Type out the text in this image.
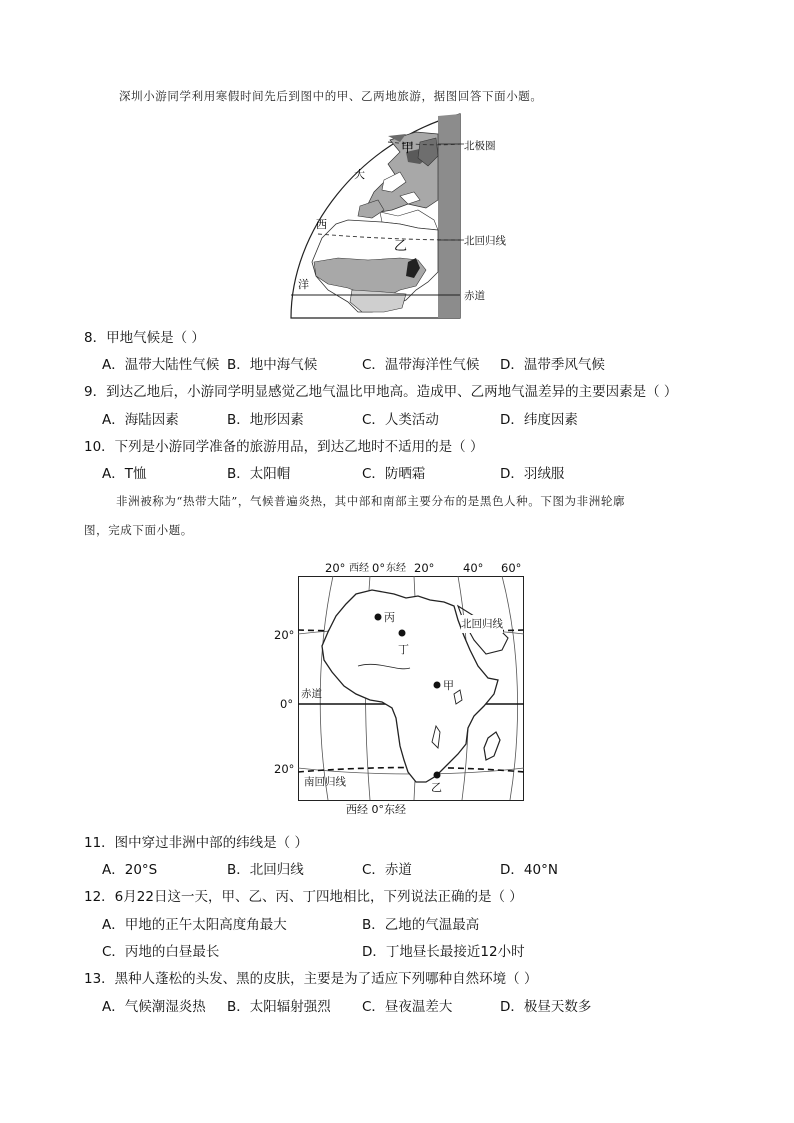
深圳小游同学利用寒假时间先后到图中的甲、乙两地旅游，据图回答下面小题。
甲
大
西
乙
洋
北极圈
北回归线
赤道
8．甲地气候是（ ）
A．温带大陆性气候 B．地中海气候	C．温带海洋性气候 D．温带季风气候
9．到达乙地后，小游同学明显感觉乙地气温比甲地高。造成甲、乙两地气温差异的主要因素是（ ）
A．海陆因素	B．地形因素	C．人类活动	D．纬度因素
10．下列是小游同学准备的旅游用品，到达乙地时不适用的是（ ）
A．T恤	B．太阳帽	C．防晒霜	D．羽绒服
非洲被称为“热带大陆”，气候普遍炎热，其中部和南部主要分布的是黑色人种。下图为非洲轮廓
图，完成下面小题。
20° 西经 0° 东经 20° 40° 60°
20°
0°
20°
北回归线
赤道
南回归线
丙
丁
甲
乙
西经 0°东经
11．图中穿过非洲中部的纬线是（ ）
A．20°S	B．北回归线	C．赤道	D．40°N
12．6月22日这一天，甲、乙、丙、丁四地相比，下列说法正确的是（ ）
A．甲地的正午太阳高度角最大	B．乙地的气温最高
C．丙地的白昼最长	D．丁地昼长最接近12小时
13．黑种人蓬松的头发、黑的皮肤，主要是为了适应下列哪种自然环境（ ）
A．气候潮湿炎热 B．太阳辐射强烈 C．昼夜温差大	D．极昼天数多
